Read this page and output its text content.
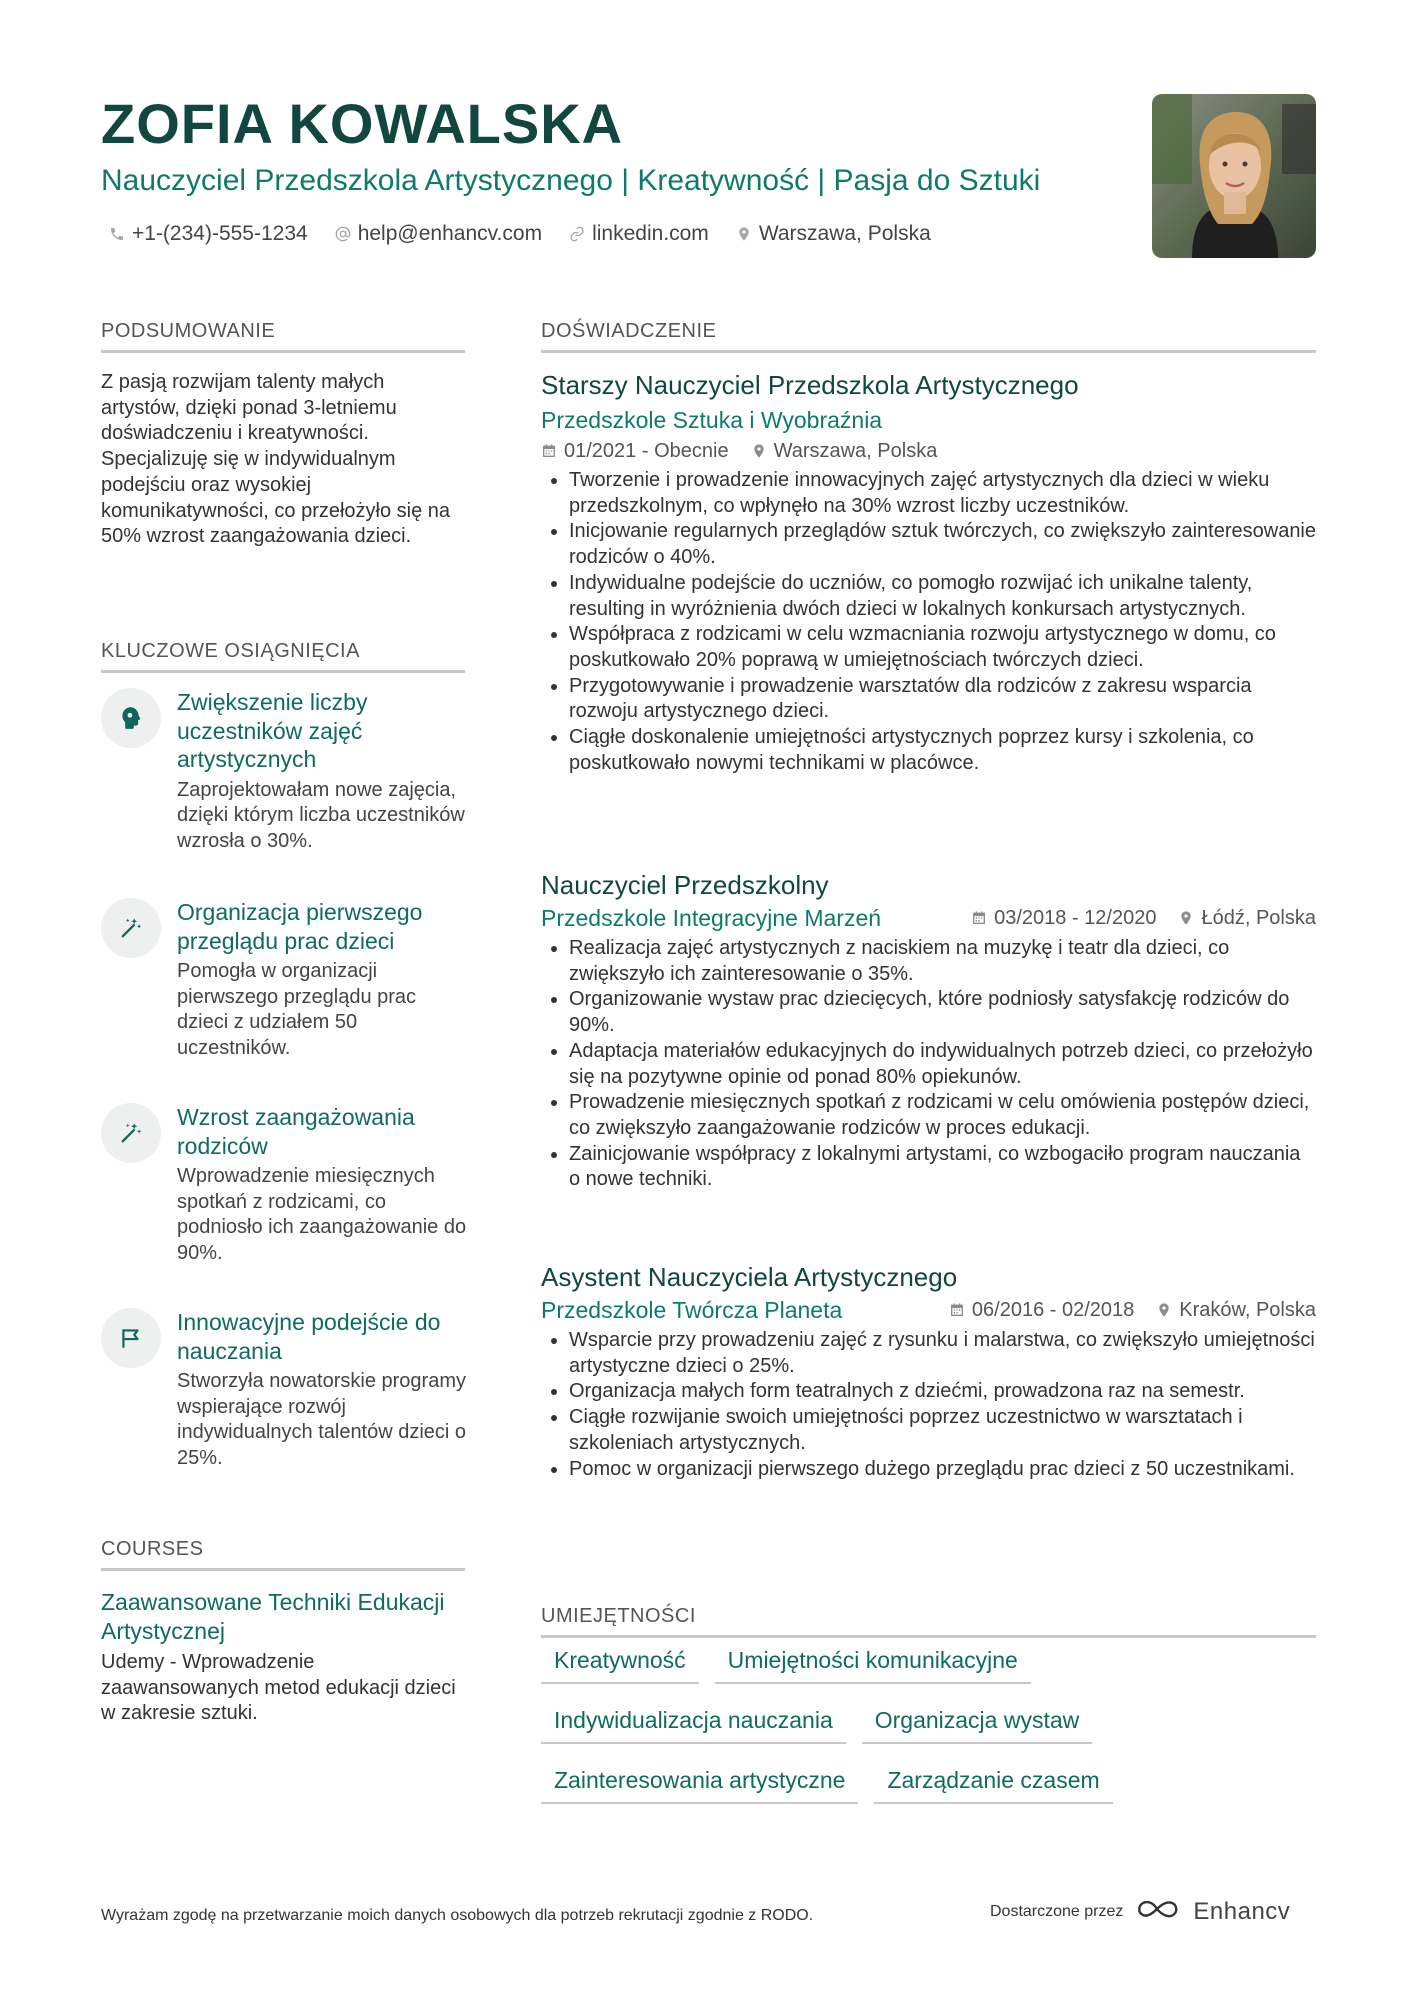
ZOFIA KOWALSKA
Nauczyciel Przedszkola Artystycznego | Kreatywność | Pasja do Sztuki
+1-(234)-555-1234 help@enhancv.com linkedin.com Warszawa, Polska
PODSUMOWANIE
Z pasją rozwijam talenty małych artystów, dzięki ponad 3-letniemu doświadczeniu i kreatywności. Specjalizuję się w indywidualnym podejściu oraz wysokiej komunikatywności, co przełożyło się na 50% wzrost zaangażowania dzieci.
KLUCZOWE OSIĄGNIĘCIA
Zwiększenie liczby uczestników zajęć artystycznych
Zaprojektowałam nowe zajęcia, dzięki którym liczba uczestników wzrosła o 30%.
Organizacja pierwszego przeglądu prac dzieci
Pomogła w organizacji pierwszego przeglądu prac dzieci z udziałem 50 uczestników.
Wzrost zaangażowania rodziców
Wprowadzenie miesięcznych spotkań z rodzicami, co podniosło ich zaangażowanie do 90%.
Innowacyjne podejście do nauczania
Stworzyła nowatorskie programy wspierające rozwój indywidualnych talentów dzieci o 25%.
COURSES
Zaawansowane Techniki Edukacji Artystycznej
Udemy - Wprowadzenie zaawansowanych metod edukacji dzieci w zakresie sztuki.
DOŚWIADCZENIE
Starszy Nauczyciel Przedszkola Artystycznego
Przedszkole Sztuka i Wyobraźnia
01/2021 - Obecnie Warszawa, Polska
• Tworzenie i prowadzenie innowacyjnych zajęć artystycznych dla dzieci w wieku przedszkolnym, co wpłynęło na 30% wzrost liczby uczestników.
• Inicjowanie regularnych przeglądów sztuk twórczych, co zwiększyło zainteresowanie rodziców o 40%.
• Indywidualne podejście do uczniów, co pomogło rozwijać ich unikalne talenty, resulting in wyróżnienia dwóch dzieci w lokalnych konkursach artystycznych.
• Współpraca z rodzicami w celu wzmacniania rozwoju artystycznego w domu, co poskutkowało 20% poprawą w umiejętnościach twórczych dzieci.
• Przygotowywanie i prowadzenie warsztatów dla rodziców z zakresu wsparcia rozwoju artystycznego dzieci.
• Ciągłe doskonalenie umiejętności artystycznych poprzez kursy i szkolenia, co poskutkowało nowymi technikami w placówce.
Nauczyciel Przedszkolny
Przedszkole Integracyjne Marzeń	03/2018 - 12/2020 Łódź, Polska
• Realizacja zajęć artystycznych z naciskiem na muzykę i teatr dla dzieci, co zwiększyło ich zainteresowanie o 35%.
• Organizowanie wystaw prac dziecięcych, które podniosły satysfakcję rodziców do 90%.
• Adaptacja materiałów edukacyjnych do indywidualnych potrzeb dzieci, co przełożyło się na pozytywne opinie od ponad 80% opiekunów.
• Prowadzenie miesięcznych spotkań z rodzicami w celu omówienia postępów dzieci, co zwiększyło zaangażowanie rodziców w proces edukacji.
• Zainicjowanie współpracy z lokalnymi artystami, co wzbogaciło program nauczania o nowe techniki.
Asystent Nauczyciela Artystycznego
Przedszkole Twórcza Planeta	06/2016 - 02/2018 Kraków, Polska
• Wsparcie przy prowadzeniu zajęć z rysunku i malarstwa, co zwiększyło umiejętności artystyczne dzieci o 25%.
• Organizacja małych form teatralnych z dziećmi, prowadzona raz na semestr.
• Ciągłe rozwijanie swoich umiejętności poprzez uczestnictwo w warsztatach i szkoleniach artystycznych.
• Pomoc w organizacji pierwszego dużego przeglądu prac dzieci z 50 uczestnikami.
UMIEJĘTNOŚCI
Kreatywność	Umiejętności komunikacyjne
Indywidualizacja nauczania	Organizacja wystaw
Zainteresowania artystyczne	Zarządzanie czasem
Wyrażam zgodę na przetwarzanie moich danych osobowych dla potrzeb rekrutacji zgodnie z RODO.	Dostarczone przez	Enhancv
